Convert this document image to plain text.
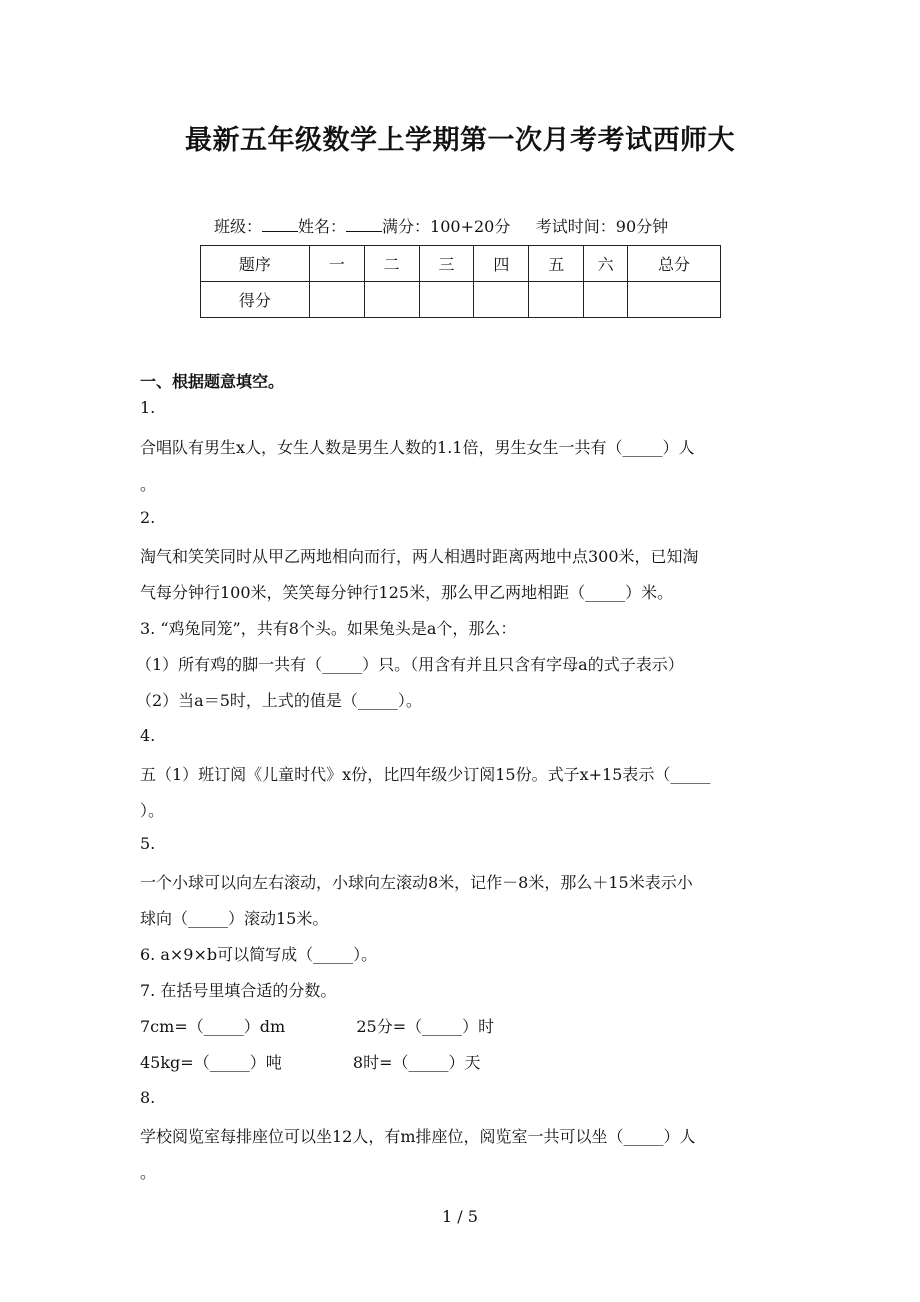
最新五年级数学上学期第一次月考考试西师大
班级： 姓名： 满分：100+20分 考试时间：90分钟
题序	一	二	三	四	五	六	总分
得分							
一、根据题意填空。
1.
合唱队有男生x人，女生人数是男生人数的1.1倍，男生女生一共有（_____）人
。
2.
淘气和笑笑同时从甲乙两地相向而行，两人相遇时距离两地中点300米，已知淘
气每分钟行100米，笑笑每分钟行125米，那么甲乙两地相距（_____）米。
3. “鸡兔同笼”，共有8个头。如果兔头是a个，那么：
（1）所有鸡的脚一共有（_____）只。（用含有并且只含有字母a的式子表示）
（2）当a＝5时，上式的值是（_____）。
4.
五（1）班订阅《儿童时代》x份，比四年级少订阅15份。式子x+15表示（_____
）。
5.
一个小球可以向左右滚动，小球向左滚动8米，记作－8米，那么＋15米表示小
球向（_____）滚动15米。
6. a×9×b可以简写成（_____）。
7. 在括号里填合适的分数。
7cm=（_____）dm              25分=（_____）时
45kg=（_____）吨              8时=（_____）天
8.
学校阅览室每排座位可以坐12人，有m排座位，阅览室一共可以坐（_____）人
。
1 / 5
